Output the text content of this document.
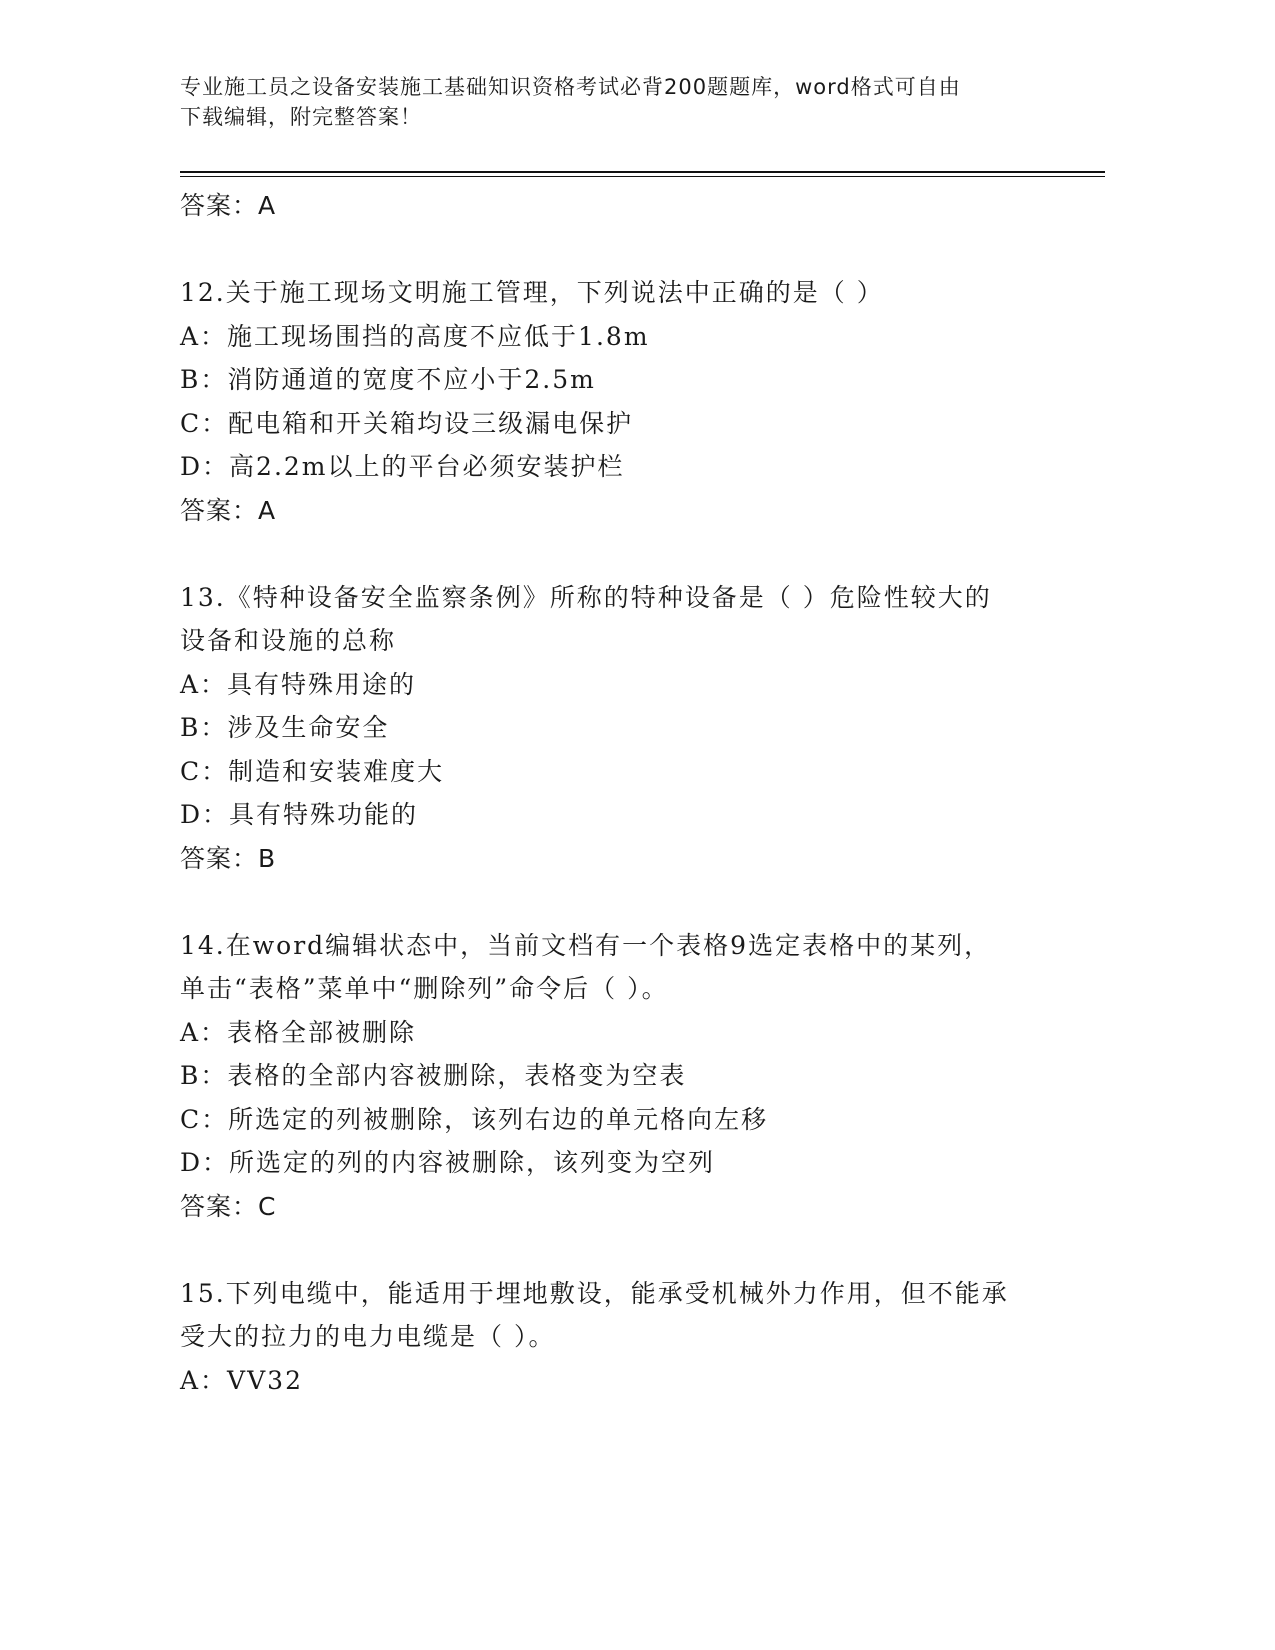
专业施工员之设备安装施工基础知识资格考试必背200题题库，word格式可自由
下载编辑，附完整答案！
答案：A
12.关于施工现场文明施工管理，下列说法中正确的是（ ）
A：施工现场围挡的高度不应低于1.8m
B：消防通道的宽度不应小于2.5m
C：配电箱和开关箱均设三级漏电保护
D：高2.2m以上的平台必须安装护栏
答案：A
13.《特种设备安全监察条例》所称的特种设备是（ ）危险性较大的
设备和设施的总称
A：具有特殊用途的
B：涉及生命安全
C：制造和安装难度大
D：具有特殊功能的
答案：B
14.在word编辑状态中，当前文档有一个表格9选定表格中的某列，
单击“表格”菜单中“删除列”命令后（ ）。
A：表格全部被删除
B：表格的全部内容被删除，表格变为空表
C：所选定的列被删除，该列右边的单元格向左移
D：所选定的列的内容被删除，该列变为空列
答案：C
15.下列电缆中，能适用于埋地敷设，能承受机械外力作用，但不能承
受大的拉力的电力电缆是（ ）。
A：VV32
